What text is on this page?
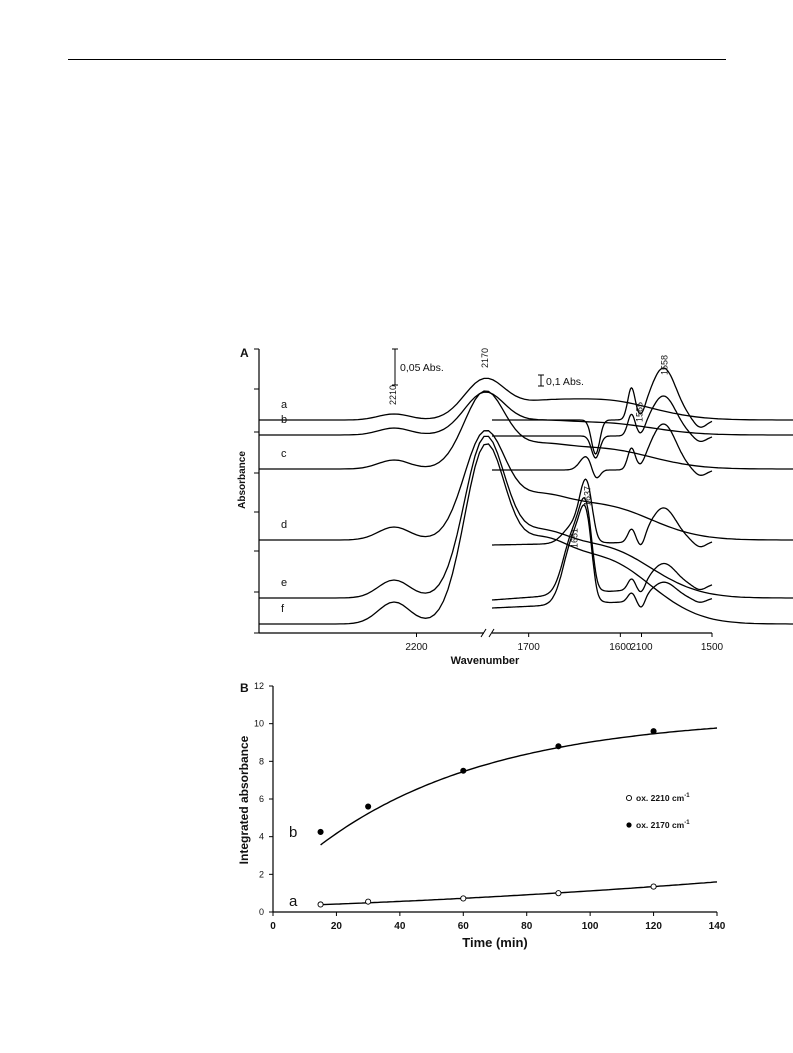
A
Absorbance
2200	2100
1700	1600	1500
Wavenumber
0,05 Abs.
0,1 Abs.
a
b
c
d
e
f
2210
2170
1651
1637
1565
1558
B
Integrated absorbance
Time (min)
0	20	40	60	80	100	120	140
0
2
4
6
8
10
12
a
b
ox. 2210 $cm^{-1}$
ox. 2170 $cm^{-1}$
